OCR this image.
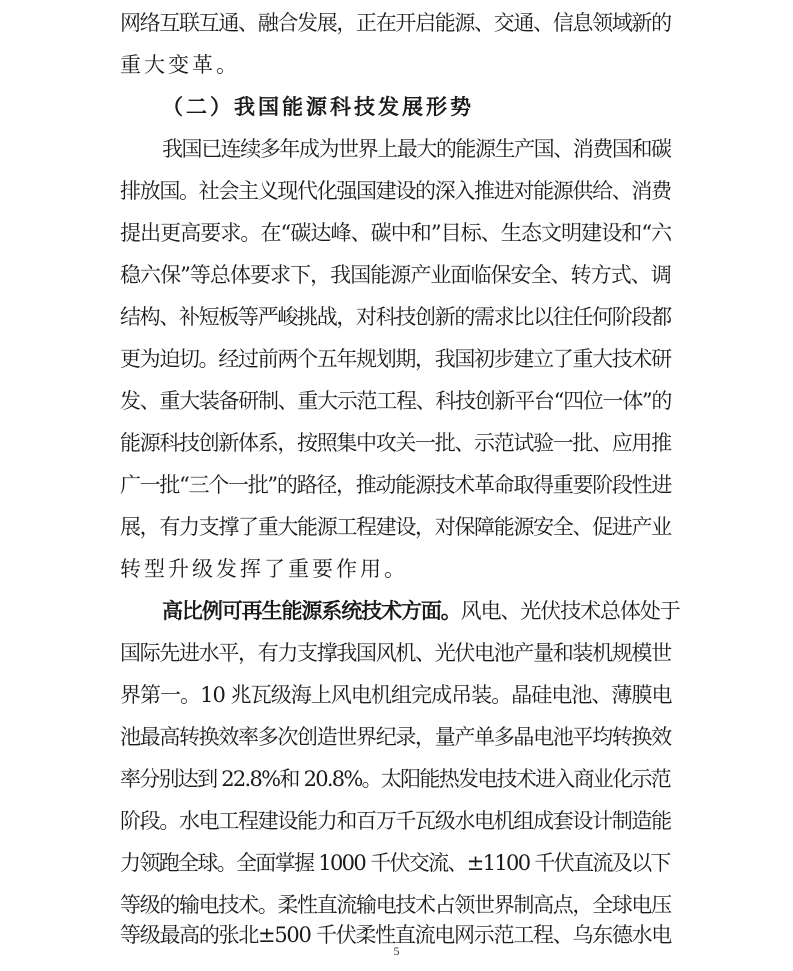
网络互联互通、融合发展，正在开启能源、交通、信息领域新的
重大变革。
（二）我国能源科技发展形势
我国已连续多年成为世界上最大的能源生产国、消费国和碳
排放国。社会主义现代化强国建设的深入推进对能源供给、消费
提出更高要求。在“碳达峰、碳中和”目标、生态文明建设和“六
稳六保”等总体要求下，我国能源产业面临保安全、转方式、调
结构、补短板等严峻挑战，对科技创新的需求比以往任何阶段都
更为迫切。经过前两个五年规划期，我国初步建立了重大技术研
发、重大装备研制、重大示范工程、科技创新平台“四位一体”的
能源科技创新体系，按照集中攻关一批、示范试验一批、应用推
广一批“三个一批”的路径，推动能源技术革命取得重要阶段性进
展，有力支撑了重大能源工程建设，对保障能源安全、促进产业
转型升级发挥了重要作用。
高比例可再生能源系统技术方面。风电、光伏技术总体处于
国际先进水平，有力支撑我国风机、光伏电池产量和装机规模世
界第一。10 兆瓦级海上风电机组完成吊装。晶硅电池、薄膜电
池最高转换效率多次创造世界纪录，量产单多晶电池平均转换效
率分别达到 22.8%和 20.8%。太阳能热发电技术进入商业化示范
阶段。水电工程建设能力和百万千瓦级水电机组成套设计制造能
力领跑全球。全面掌握 1000 千伏交流、±1100 千伏直流及以下
等级的输电技术。柔性直流输电技术占领世界制高点，全球电压
等级最高的张北±500 千伏柔性直流电网示范工程、乌东德水电
5
